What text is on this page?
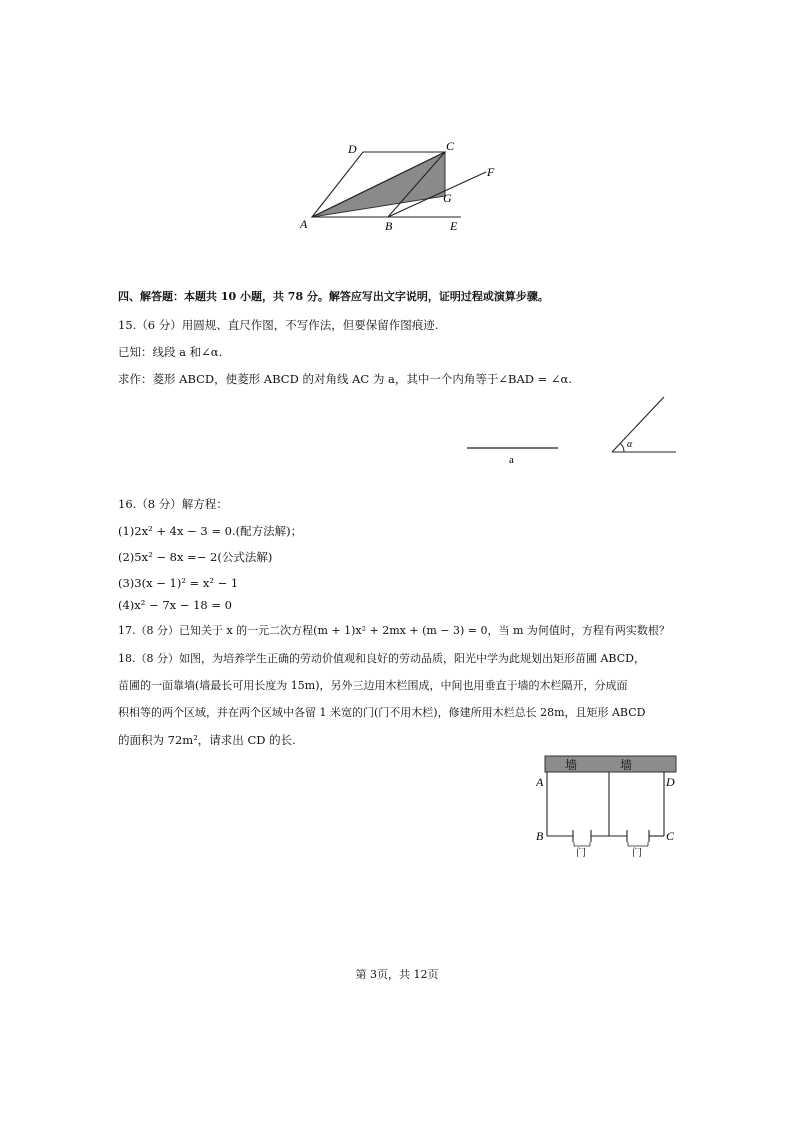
D	C
F
G
A	B	E
四、解答题：本题共 10 小题，共 78 分。解答应写出文字说明，证明过程或演算步骤。
15.（6 分）用圆规、直尺作图，不写作法，但要保留作图痕迹.
已知：线段 a 和∠α.
求作：菱形 ABCD，使菱形 ABCD 的对角线 AC 为 a，其中一个内角等于∠BAD = ∠α.
a
α
16.（8 分）解方程：
(1)2x² + 4x − 3 = 0.(配方法解)；
(2)5x² − 8x =− 2(公式法解)
(3)3(x − 1)² = x² − 1
(4)x² − 7x − 18 = 0
17.（8 分）已知关于 x 的一元二次方程(m + 1)x² + 2mx + (m − 3) = 0，当 m 为何值时，方程有两实数根？
18.（8 分）如图，为培养学生正确的劳动价值观和良好的劳动品质，阳光中学为此规划出矩形苗圃 ABCD，
苗圃的一面靠墙(墙最长可用长度为 15m)，另外三边用木栏围成，中间也用垂直于墙的木栏隔开，分成面
积相等的两个区域，并在两个区域中各留 1 米宽的门(门不用木栏)，修建所用木栏总长 28m，且矩形 ABCD
的面积为 72m²，请求出 CD 的长.
墙	墙
门	门
A	D
B	C
第 3页，共 12页
